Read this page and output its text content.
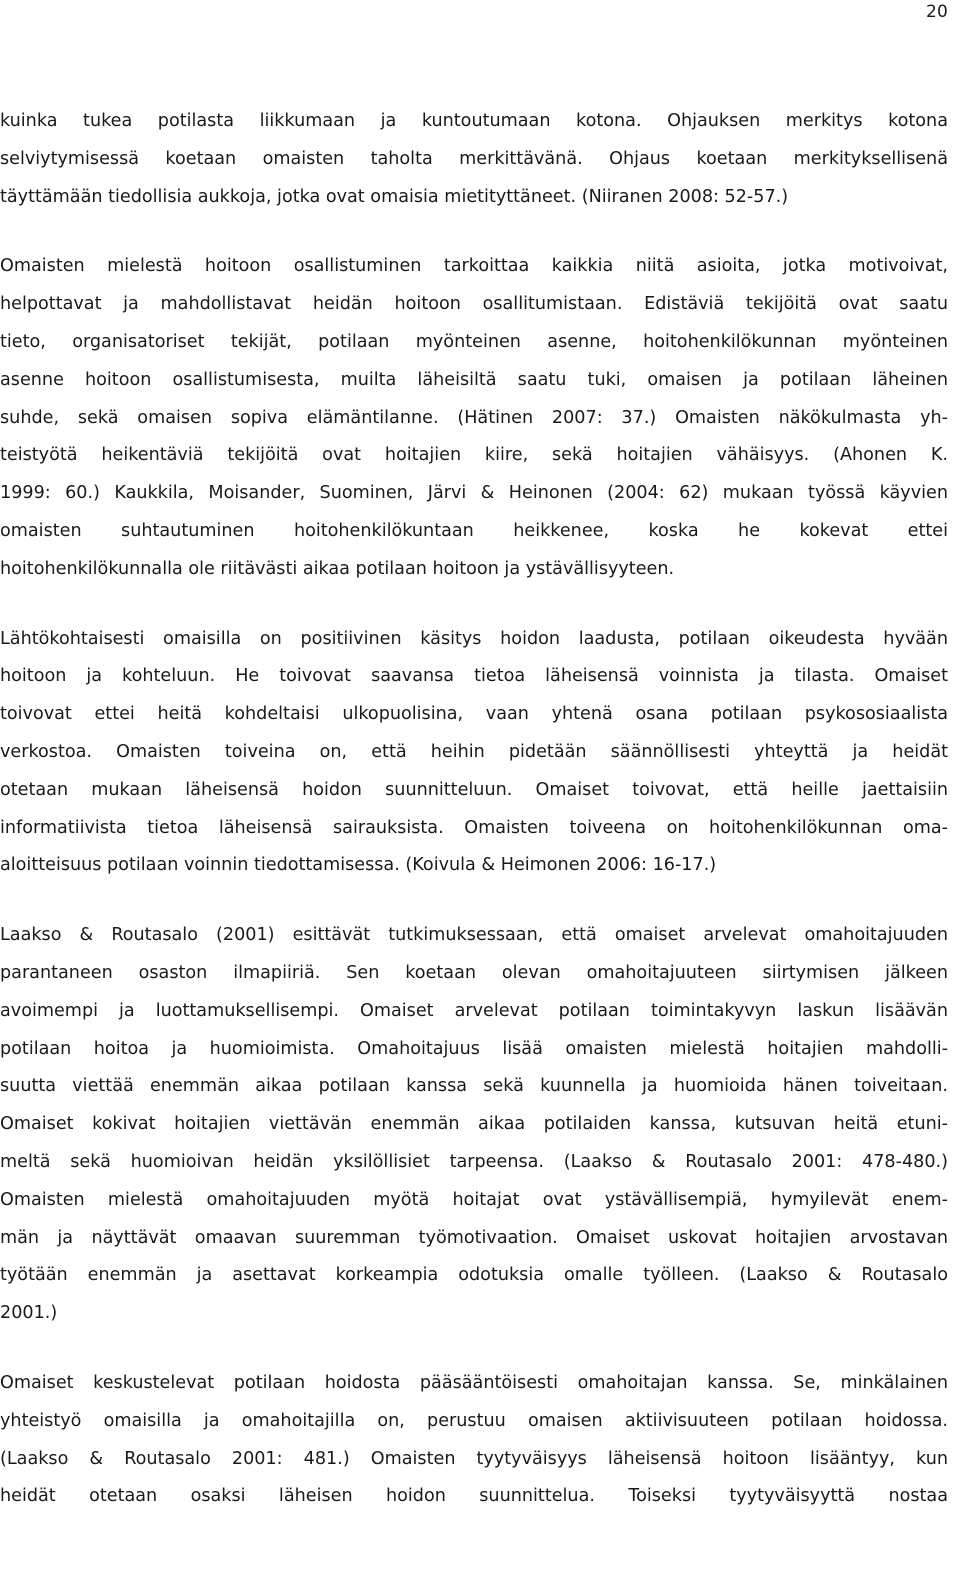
20

kuinka tukea potilasta liikkumaan ja kuntoutumaan kotona. Ohjauksen merkitys kotona
selviytymisessä koetaan omaisten taholta merkittävänä. Ohjaus koetaan merkityksellisenä
täyttämään tiedollisia aukkoja, jotka ovat omaisia mietityttäneet. (Niiranen 2008: 52-57.)

Omaisten mielestä hoitoon osallistuminen tarkoittaa kaikkia niitä asioita, jotka motivoivat,
helpottavat ja mahdollistavat heidän hoitoon osallitumistaan. Edistäviä tekijöitä ovat saatu
tieto, organisatoriset tekijät, potilaan myönteinen asenne, hoitohenkilökunnan myönteinen
asenne hoitoon osallistumisesta, muilta läheisiltä saatu tuki, omaisen ja potilaan läheinen
suhde, sekä omaisen sopiva elämäntilanne. (Hätinen 2007: 37.) Omaisten näkökulmasta yh-
teistyötä heikentäviä tekijöitä ovat hoitajien kiire, sekä hoitajien vähäisyys. (Ahonen K.
1999: 60.) Kaukkila, Moisander, Suominen, Järvi & Heinonen (2004: 62) mukaan työssä käyvien
omaisten suhtautuminen hoitohenkilökuntaan heikkenee, koska he kokevat ettei
hoitohenkilökunnalla ole riitävästi aikaa potilaan hoitoon ja ystävällisyyteen.

Lähtökohtaisesti omaisilla on positiivinen käsitys hoidon laadusta, potilaan oikeudesta hyvään
hoitoon ja kohteluun. He toivovat saavansa tietoa läheisensä voinnista ja tilasta. Omaiset
toivovat ettei heitä kohdeltaisi ulkopuolisina, vaan yhtenä osana potilaan psykososiaalista
verkostoa. Omaisten toiveina on, että heihin pidetään säännöllisesti yhteyttä ja heidät
otetaan mukaan läheisensä hoidon suunnitteluun. Omaiset toivovat, että heille jaettaisiin
informatiivista tietoa läheisensä sairauksista. Omaisten toiveena on hoitohenkilökunnan oma-
aloitteisuus potilaan voinnin tiedottamisessa. (Koivula & Heimonen 2006: 16-17.)

Laakso & Routasalo (2001) esittävät tutkimuksessaan, että omaiset arvelevat omahoitajuuden
parantaneen osaston ilmapiiriä. Sen koetaan olevan omahoitajuuteen siirtymisen jälkeen
avoimempi ja luottamuksellisempi. Omaiset arvelevat potilaan toimintakyvyn laskun lisäävän
potilaan hoitoa ja huomioimista. Omahoitajuus lisää omaisten mielestä hoitajien mahdolli-
suutta viettää enemmän aikaa potilaan kanssa sekä kuunnella ja huomioida hänen toiveitaan.
Omaiset kokivat hoitajien viettävän enemmän aikaa potilaiden kanssa, kutsuvan heitä etuni-
meltä sekä huomioivan heidän yksilöllisiet tarpeensa. (Laakso & Routasalo 2001: 478-480.)
Omaisten mielestä omahoitajuuden myötä hoitajat ovat ystävällisempiä, hymyilevät enem-
män ja näyttävät omaavan suuremman työmotivaation. Omaiset uskovat hoitajien arvostavan
työtään enemmän ja asettavat korkeampia odotuksia omalle työlleen. (Laakso & Routasalo
2001.)

Omaiset keskustelevat potilaan hoidosta pääsääntöisesti omahoitajan kanssa. Se, minkälainen
yhteistyö omaisilla ja omahoitajilla on, perustuu omaisen aktiivisuuteen potilaan hoidossa.
(Laakso & Routasalo 2001: 481.) Omaisten tyytyväisyys läheisensä hoitoon lisääntyy, kun
heidät otetaan osaksi läheisen hoidon suunnittelua. Toiseksi tyytyväisyyttä nostaa
